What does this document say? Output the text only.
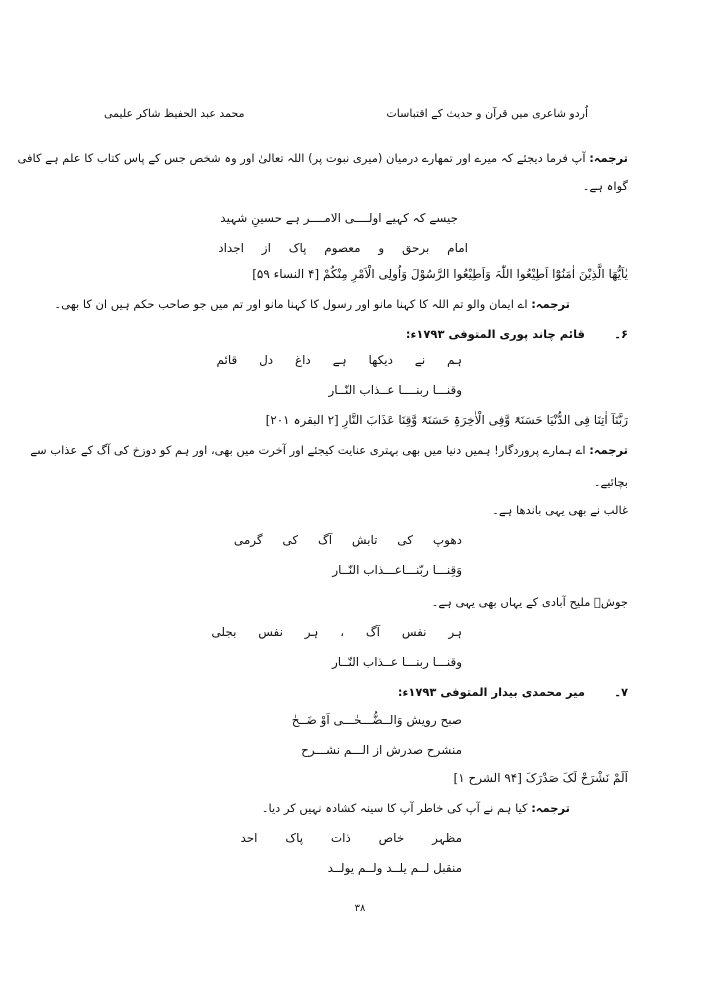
اُردو شاعری میں قرآن و حدیث کے اقتباسات
محمد عبد الحفیظ شاکر علیمی
ترجمہ: آپ فرما دیجئے کہ میرے اور تمھارے درمیان (میری نبوت پر) اللہ تعالیٰ اور وہ شخص جس کے پاس کتاب کا علم ہے کافی
گواہ ہے۔
جیسے کہ کہیے اولــــی الامــــر ہے حسینِ شہید
امام برحق و معصوم پاک از اجداد
یٰاَیُّھَا الَّذِیْنَ اٰمَنُوْٓا اَطِیْعُوا اللّٰہَ وَاَطِیْعُوا الرَّسُوْلَ وَاُولِی الْاَمْرِ مِنْکُمْ [۴ النساء ۵۹]
ترجمہ: اے ایمان والو تم اللہ کا کہنا مانو اور رسول کا کہنا مانو اور تم میں جو صاحب حکم ہیں ان کا بھی۔
۶۔        قائم چاند پوری المتوفی ۱۷۹۳ء:
ہم نے دیکھا ہے داغ دل قائم
وقنـــا ربنــــا عــذاب النّــار
رَبَّنَآ اٰتِنَا فِی الدُّنْیَا حَسَنَۃً وَّفِی الْاٰخِرَۃِ حَسَنَۃً وَّقِنَا عَذَابَ النَّارِ [۲ البقرہ ۲۰۱]
ترجمہ: اے ہمارے پروردگار! ہمیں دنیا میں بھی بہتری عنایت کیجئے اور آخرت میں بھی، اور ہم کو دوزخ کی آگ کے عذاب سے
بچائیے۔
غالب نے بھی یہی باندھا ہے۔
دھوپ کی تابش آگ کی گرمی
وَقِنـــا ربّنـــاعـــذاب النّــار
جوشؔ ملیح آبادی کے یہاں بھی یہی ہے۔
ہر نفس آگ ، ہر نفس بجلی
وقنـــا ربنـــا عــذاب النّــار
۷۔        میر محمدی بیدار المتوفی ۱۷۹۳ء:
صبح رویش وَالــضُّـــحٰـــی اَوْ ضَــحٰ
منشرح صدرش از الـــم نشـــرح
اَلَمْ نَشْرَحْ لَکَ صَدْرَکَ [۹۴ الشرح ۱]
ترجمہ: کیا ہم نے آپ کی خاطر آپ کا سینہ کشادہ نہیں کر دیا۔
مظہر خاص ذات پاک احد
منقبل لــم یلــد ولــم یولــد
۳۸
